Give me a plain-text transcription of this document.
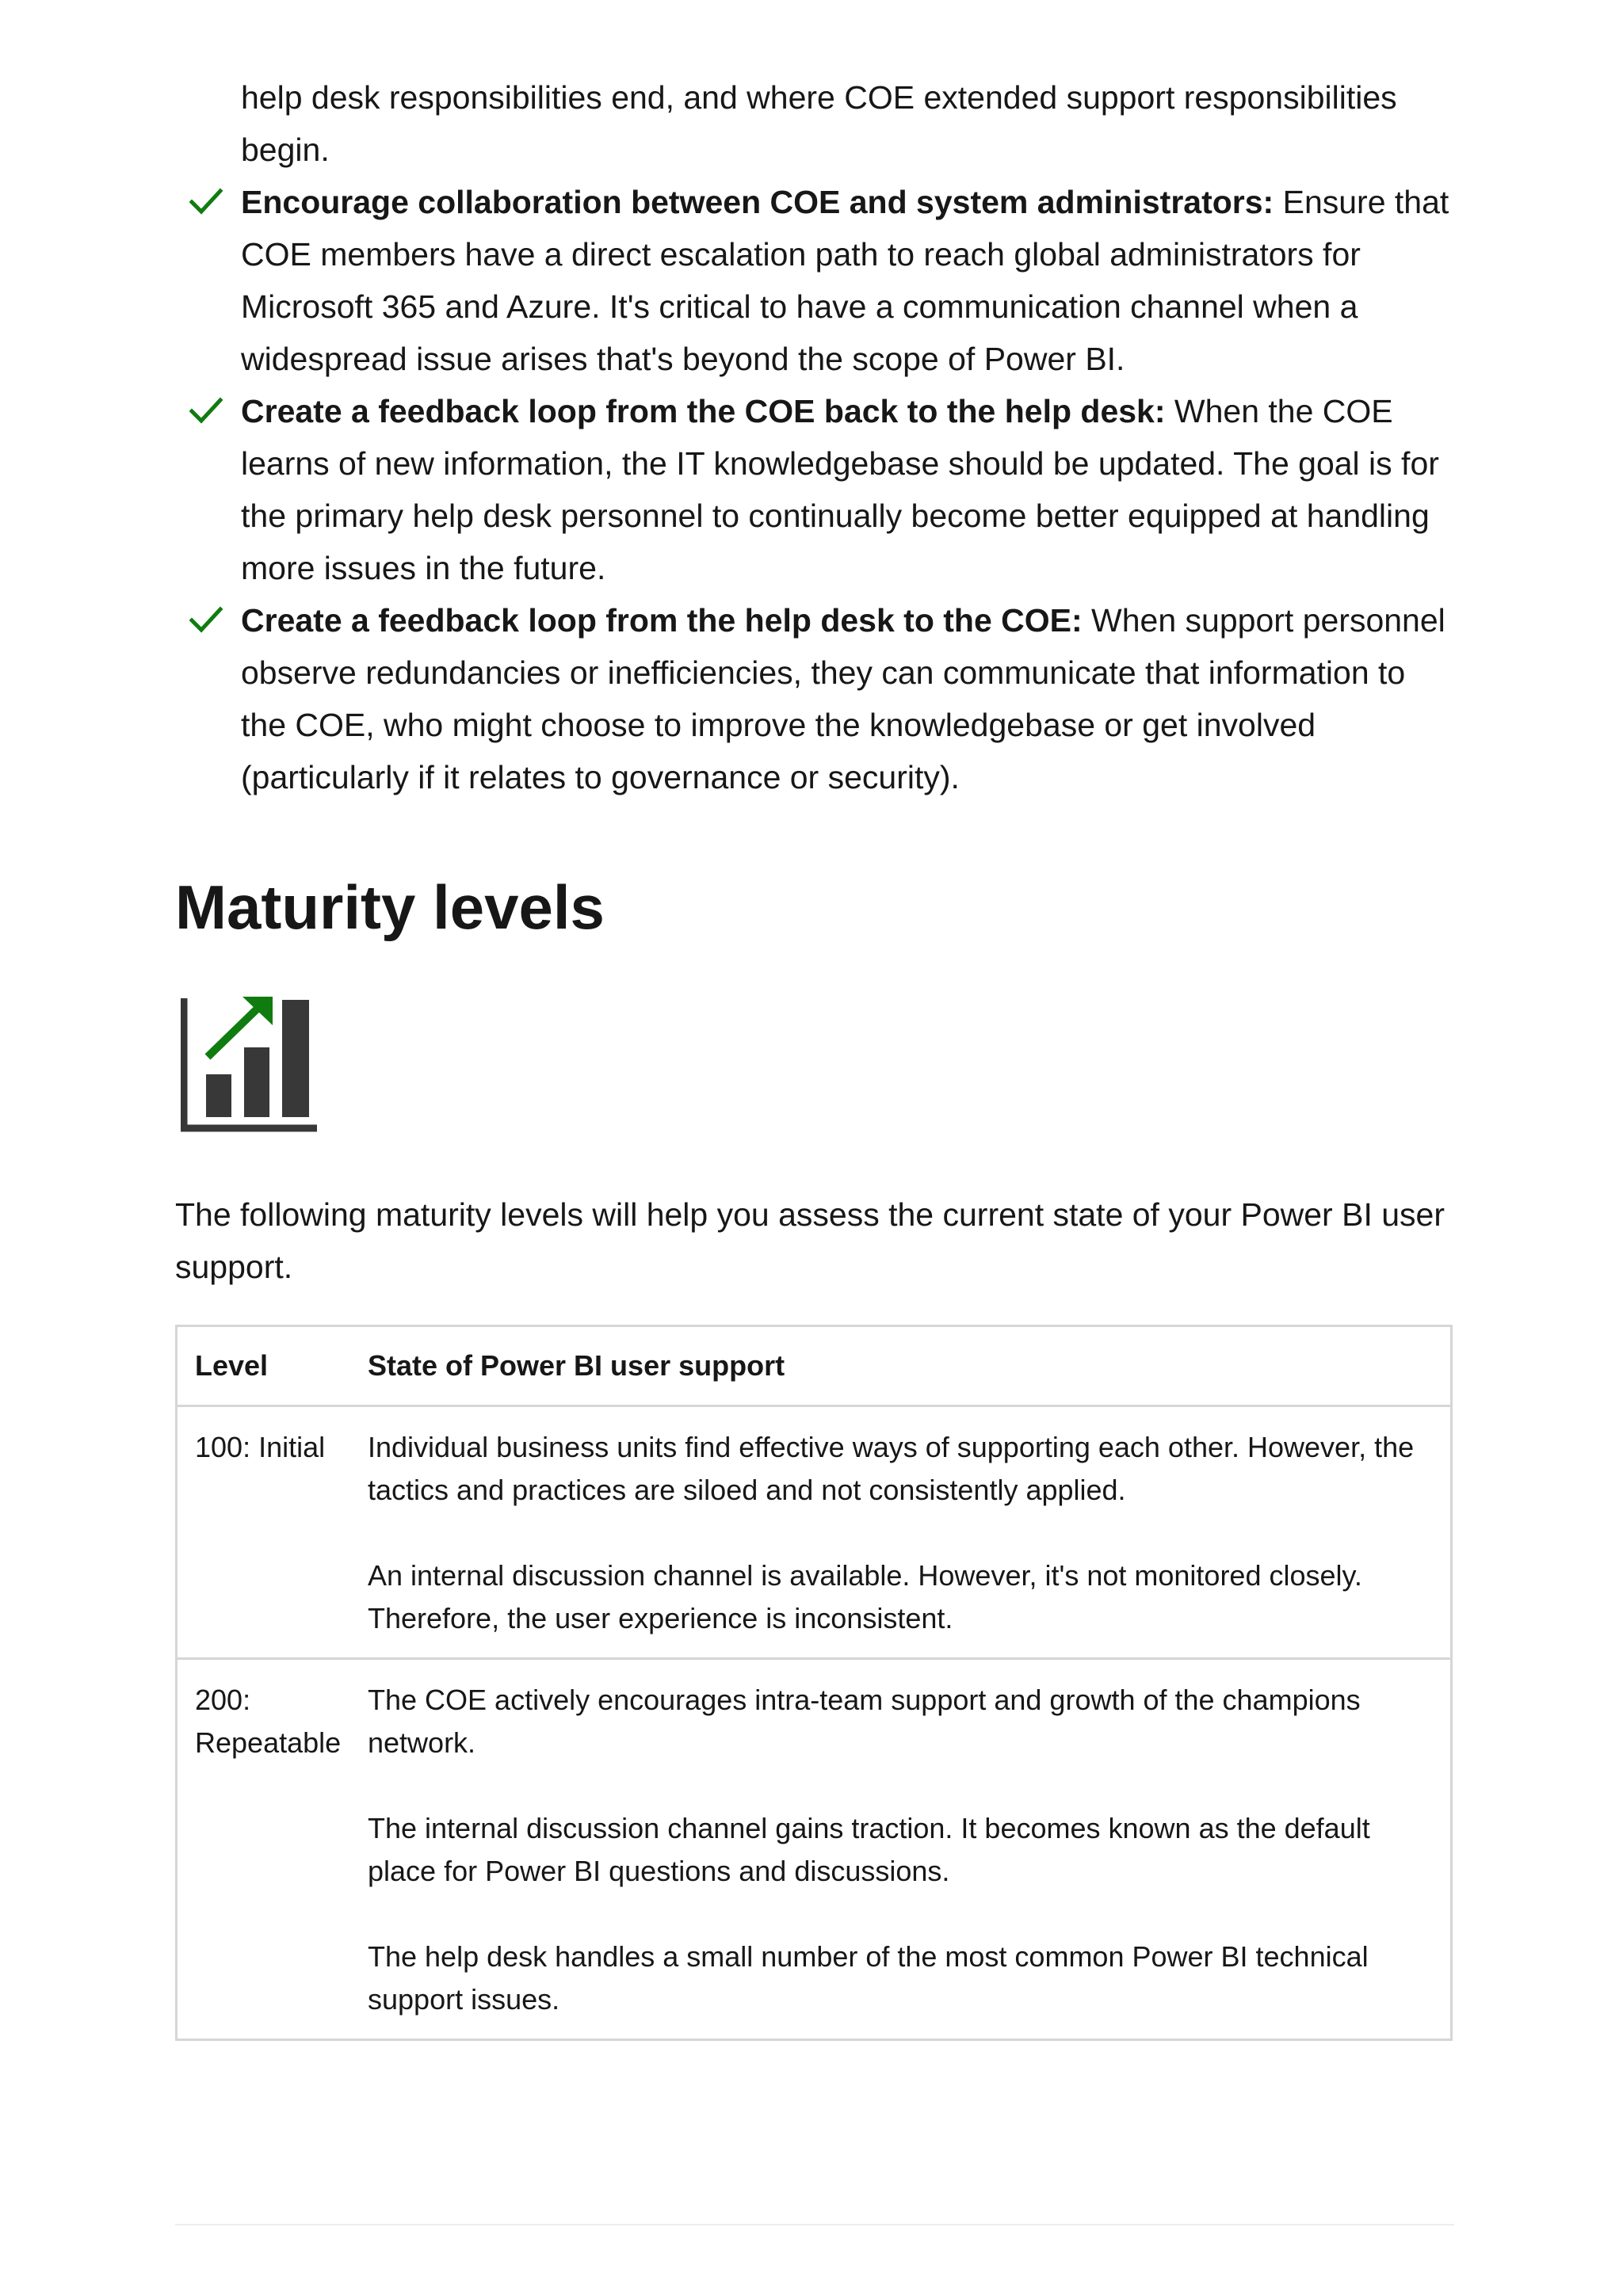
help desk responsibilities end, and where COE extended support responsibilities begin.
Encourage collaboration between COE and system administrators: Ensure that COE members have a direct escalation path to reach global administrators for Microsoft 365 and Azure. It's critical to have a communication channel when a widespread issue arises that's beyond the scope of Power BI.
Create a feedback loop from the COE back to the help desk: When the COE learns of new information, the IT knowledgebase should be updated. The goal is for the primary help desk personnel to continually become better equipped at handling more issues in the future.
Create a feedback loop from the help desk to the COE: When support personnel observe redundancies or inefficiencies, they can communicate that information to the COE, who might choose to improve the knowledgebase or get involved (particularly if it relates to governance or security).
Maturity levels

The following maturity levels will help you assess the current state of your Power BI user support.

Level	State of Power BI user support
100: Initial	Individual business units find effective ways of supporting each other. However, the tactics and practices are siloed and not consistently applied.

An internal discussion channel is available. However, it's not monitored closely. Therefore, the user experience is inconsistent.

200: Repeatable	The COE actively encourages intra-team support and growth of the champions network.

The internal discussion channel gains traction. It becomes known as the default place for Power BI questions and discussions.

The help desk handles a small number of the most common Power BI technical support issues.
